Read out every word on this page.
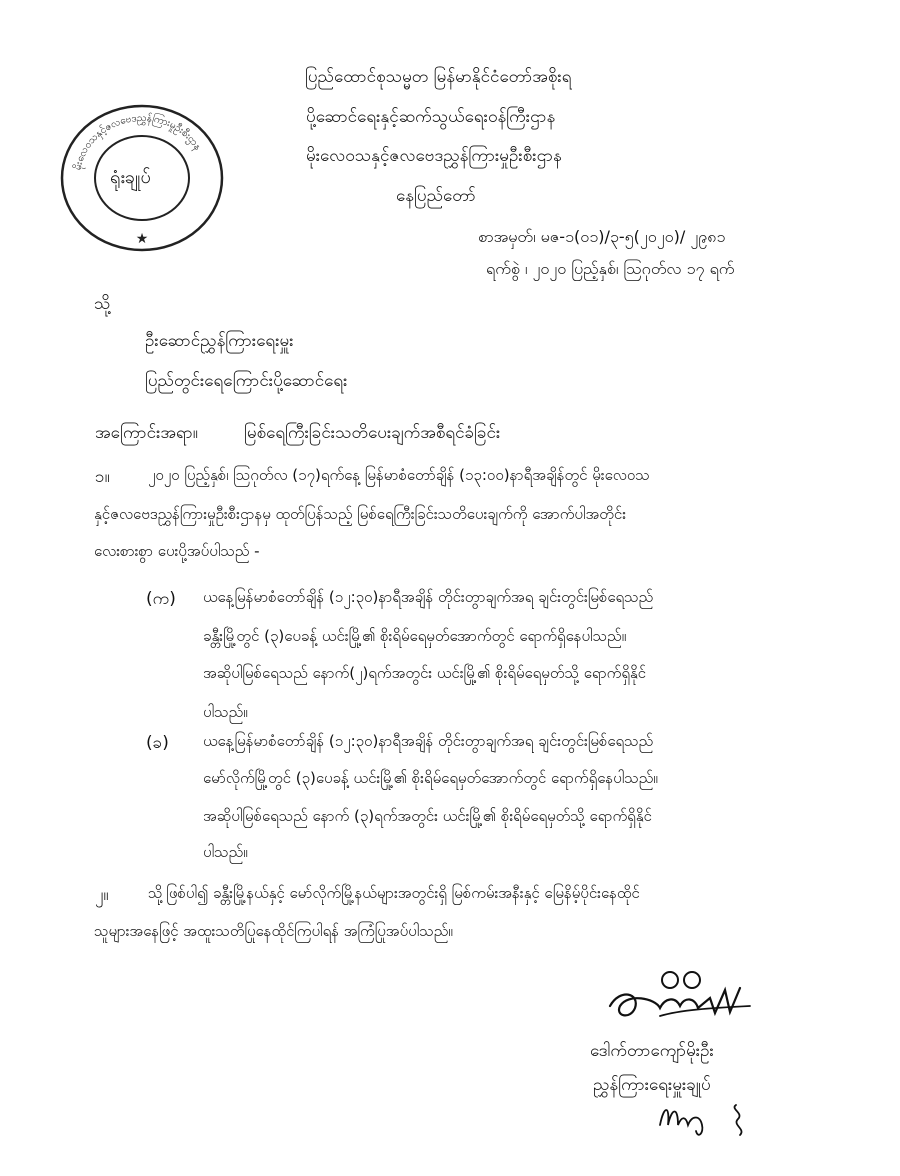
မိုးလေဝသနှင့်ဇလဗေဒညွှန်ကြားမှုဦးစီးဌာန
★
ရုံးချုပ်
ပြည်ထောင်စုသမ္မတ မြန်မာနိုင်ငံတော်အစိုးရ
ပို့ဆောင်ရေးနှင့်ဆက်သွယ်ရေးဝန်ကြီးဌာန
မိုးလေဝသနှင့်ဇလဗေဒညွှန်ကြားမှုဦးစီးဌာန
နေပြည်တော်
စာအမှတ်၊ မဇ-၁(၀၁)/၃-၅(၂၀၂၀)/ ၂၉၈၁
ရက်စွဲ ၊ ၂၀၂၀ ပြည့်နှစ်၊ ဩဂုတ်လ ၁၇ ရက်
သို့
ဦးဆောင်ညွှန်ကြားရေးမှူး
ပြည်တွင်းရေကြောင်းပို့ဆောင်ရေး
အကြောင်းအရာ။	မြစ်ရေကြီးခြင်းသတိပေးချက်အစီရင်ခံခြင်း
၁။	၂၀၂၀ ပြည့်နှစ်၊ ဩဂုတ်လ (၁၇)ရက်နေ့ မြန်မာစံတော်ချိန် (၁၃:၀၀)နာရီအချိန်တွင် မိုးလေဝသ
နှင့်ဇလဗေဒညွှန်ကြားမှုဦးစီးဌာနမှ ထုတ်ပြန်သည့် မြစ်ရေကြီးခြင်းသတိပေးချက်ကို အောက်ပါအတိုင်း
လေးစားစွာ ပေးပို့အပ်ပါသည် -
(က) ယနေ့မြန်မာစံတော်ချိန် (၁၂:၃၀)နာရီအချိန် တိုင်းတွာချက်အရ ချင်းတွင်းမြစ်ရေသည်
ခန္တီးမြို့တွင် (၃)ပေခန့် ယင်းမြို့၏ စိုးရိမ်ရေမှတ်အောက်တွင် ရောက်ရှိနေပါသည်။
အဆိုပါမြစ်ရေသည် နောက်(၂)ရက်အတွင်း ယင်းမြို့၏ စိုးရိမ်ရေမှတ်သို့ ရောက်ရှိနိုင်
ပါသည်။
(ခ) ယနေ့မြန်မာစံတော်ချိန် (၁၂:၃၀)နာရီအချိန် တိုင်းတွာချက်အရ ချင်းတွင်းမြစ်ရေသည်
မော်လိုက်မြို့တွင် (၃)ပေခန့် ယင်းမြို့၏ စိုးရိမ်ရေမှတ်အောက်တွင် ရောက်ရှိနေပါသည်။
အဆိုပါမြစ်ရေသည် နောက် (၃)ရက်အတွင်း ယင်းမြို့၏ စိုးရိမ်ရေမှတ်သို့ ရောက်ရှိနိုင်
ပါသည်။
၂။	သို့ဖြစ်ပါ၍ ခန္တီးမြို့နယ်နှင့် မော်လိုက်မြို့နယ်များအတွင်းရှိ မြစ်ကမ်းအနီးနှင့် မြေနိမ့်ပိုင်းနေထိုင်
သူများအနေဖြင့် အထူးသတိပြုနေထိုင်ကြပါရန် အကြံပြုအပ်ပါသည်။
ဒေါက်တာကျော်မိုးဦး
ညွှန်ကြားရေးမှူးချုပ်
